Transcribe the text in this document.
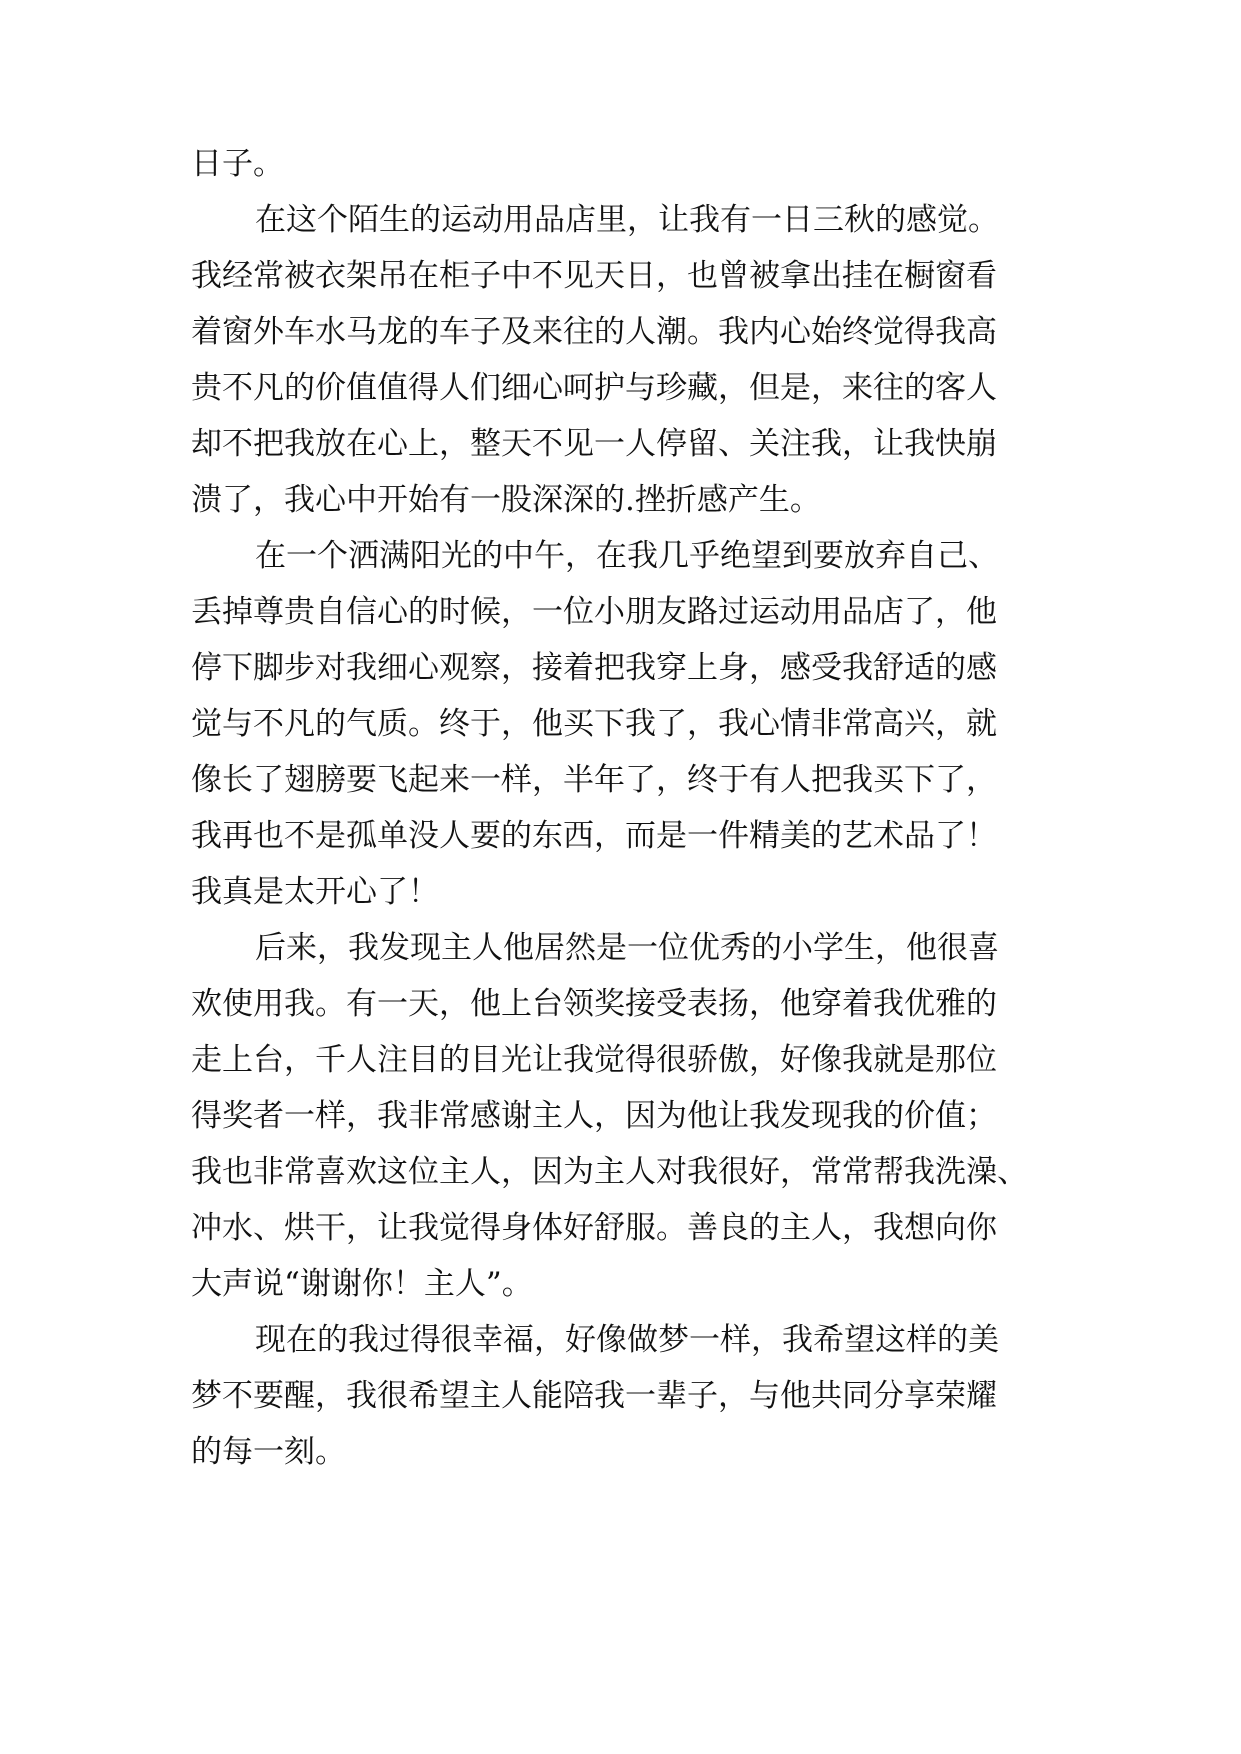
日子。
在这个陌生的运动用品店里，让我有一日三秋的感觉。
我经常被衣架吊在柜子中不见天日，也曾被拿出挂在橱窗看
着窗外车水马龙的车子及来往的人潮。我内心始终觉得我高
贵不凡的价值值得人们细心呵护与珍藏，但是，来往的客人
却不把我放在心上，整天不见一人停留、关注我，让我快崩
溃了，我心中开始有一股深深的.挫折感产生。
在一个洒满阳光的中午，在我几乎绝望到要放弃自己、
丢掉尊贵自信心的时候，一位小朋友路过运动用品店了，他
停下脚步对我细心观察，接着把我穿上身，感受我舒适的感
觉与不凡的气质。终于，他买下我了，我心情非常高兴，就
像长了翅膀要飞起来一样，半年了，终于有人把我买下了，
我再也不是孤单没人要的东西，而是一件精美的艺术品了！
我真是太开心了！
后来，我发现主人他居然是一位优秀的小学生，他很喜
欢使用我。有一天，他上台领奖接受表扬，他穿着我优雅的
走上台，千人注目的目光让我觉得很骄傲，好像我就是那位
得奖者一样，我非常感谢主人，因为他让我发现我的价值；
我也非常喜欢这位主人，因为主人对我很好，常常帮我洗澡、
冲水、烘干，让我觉得身体好舒服。善良的主人，我想向你
大声说“谢谢你！主人”。
现在的我过得很幸福，好像做梦一样，我希望这样的美
梦不要醒，我很希望主人能陪我一辈子，与他共同分享荣耀
的每一刻。
